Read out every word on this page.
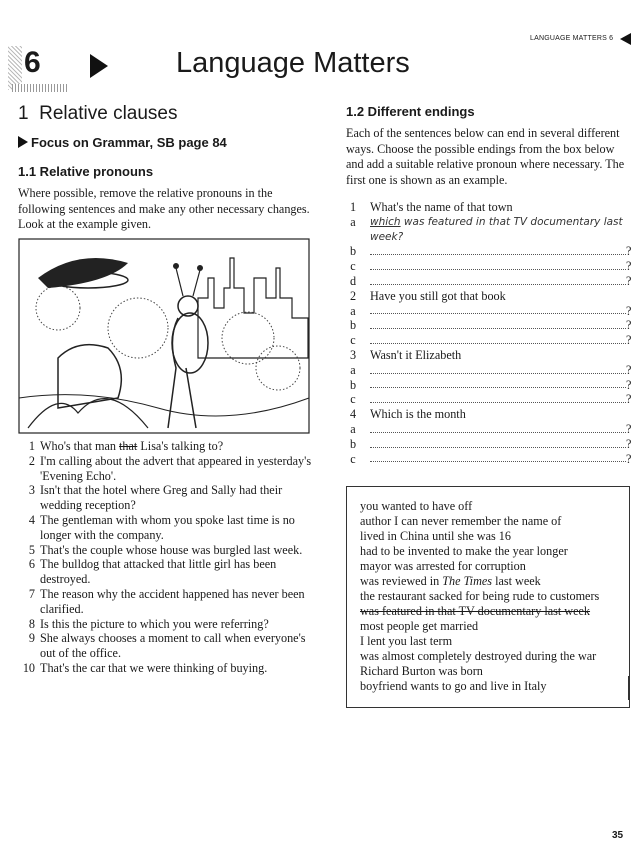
6	Language Matters
LANGUAGE MATTERS 6
1 Relative clauses
Focus on Grammar, SB page 84
1.1 Relative pronouns
Where possible, remove the relative pronouns in the following sentences and make any other necessary changes. Look at the example given.
1 Who's that man that Lisa's talking to?
2 I'm calling about the advert that appeared in yesterday's 'Evening Echo'.
3 Isn't that the hotel where Greg and Sally had their wedding reception?
4 The gentleman with whom you spoke last time is no longer with the company.
5 That's the couple whose house was burgled last week.
6 The bulldog that attacked that little girl has been destroyed.
7 The reason why the accident happened has never been clarified.
8 Is this the picture to which you were referring?
9 She always chooses a moment to call when everyone's out of the office.
10 That's the car that we were thinking of buying.
1.2 Different endings
Each of the sentences below can end in several different ways. Choose the possible endings from the box below and add a suitable relative pronoun where necessary. The first one is shown as an example.
1	What's the name of that town
a	which was featured in that TV documentary last
week?
b	?
c	?
d	?
2	Have you still got that book
a	?
b	?
c	?
3	Wasn't it Elizabeth
a	?
b	?
c	?
4	Which is the month
a	?
b	?
c	?
you wanted to have off
author I can never remember the name of
lived in China until she was 16
had to be invented to make the year longer
mayor was arrested for corruption
was reviewed in The Times last week
the restaurant sacked for being rude to customers
was featured in that TV documentary last week
most people get married
I lent you last term
was almost completely destroyed during the war
Richard Burton was born
boyfriend wants to go and live in Italy
35
